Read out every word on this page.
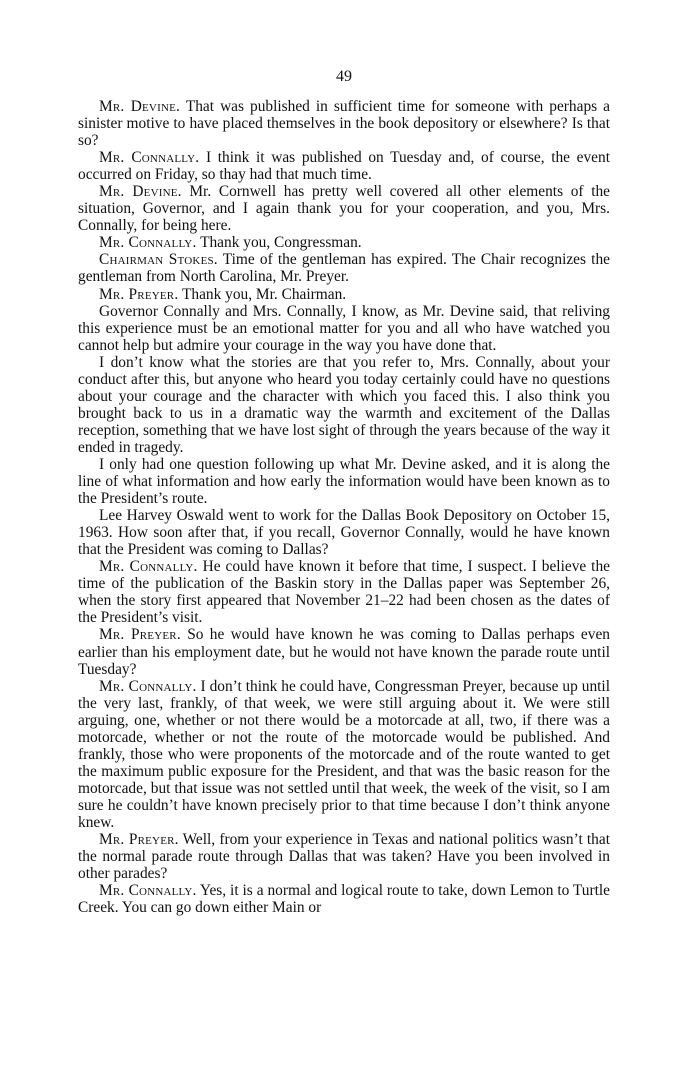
49

Mr. Devine. That was published in sufficient time for someone with perhaps a sinister motive to have placed themselves in the book depository or elsewhere? Is that so?

Mr. Connally. I think it was published on Tuesday and, of course, the event occurred on Friday, so thay had that much time.

Mr. Devine. Mr. Cornwell has pretty well covered all other elements of the situation, Governor, and I again thank you for your cooperation, and you, Mrs. Connally, for being here.

Mr. Connally. Thank you, Congressman.

Chairman Stokes. Time of the gentleman has expired. The Chair recognizes the gentleman from North Carolina, Mr. Preyer.

Mr. Preyer. Thank you, Mr. Chairman.

Governor Connally and Mrs. Connally, I know, as Mr. Devine said, that reliving this experience must be an emotional matter for you and all who have watched you cannot help but admire your courage in the way you have done that.

I don’t know what the stories are that you refer to, Mrs. Connally, about your conduct after this, but anyone who heard you today certainly could have no questions about your courage and the character with which you faced this. I also think you brought back to us in a dramatic way the warmth and excitement of the Dallas reception, something that we have lost sight of through the years because of the way it ended in tragedy.

I only had one question following up what Mr. Devine asked, and it is along the line of what information and how early the information would have been known as to the President’s route.

Lee Harvey Oswald went to work for the Dallas Book Depository on October 15, 1963. How soon after that, if you recall, Governor Connally, would he have known that the President was coming to Dallas?

Mr. Connally. He could have known it before that time, I suspect. I believe the time of the publication of the Baskin story in the Dallas paper was September 26, when the story first appeared that November 21–22 had been chosen as the dates of the President’s visit.

Mr. Preyer. So he would have known he was coming to Dallas perhaps even earlier than his employment date, but he would not have known the parade route until Tuesday?

Mr. Connally. I don’t think he could have, Congressman Preyer, because up until the very last, frankly, of that week, we were still arguing about it. We were still arguing, one, whether or not there would be a motorcade at all, two, if there was a motorcade, whether or not the route of the motorcade would be published. And frankly, those who were proponents of the motorcade and of the route wanted to get the maximum public exposure for the President, and that was the basic reason for the motorcade, but that issue was not settled until that week, the week of the visit, so I am sure he couldn’t have known precisely prior to that time because I don’t think anyone knew.

Mr. Preyer. Well, from your experience in Texas and national politics wasn’t that the normal parade route through Dallas that was taken? Have you been involved in other parades?

Mr. Connally. Yes, it is a normal and logical route to take, down Lemon to Turtle Creek. You can go down either Main or
